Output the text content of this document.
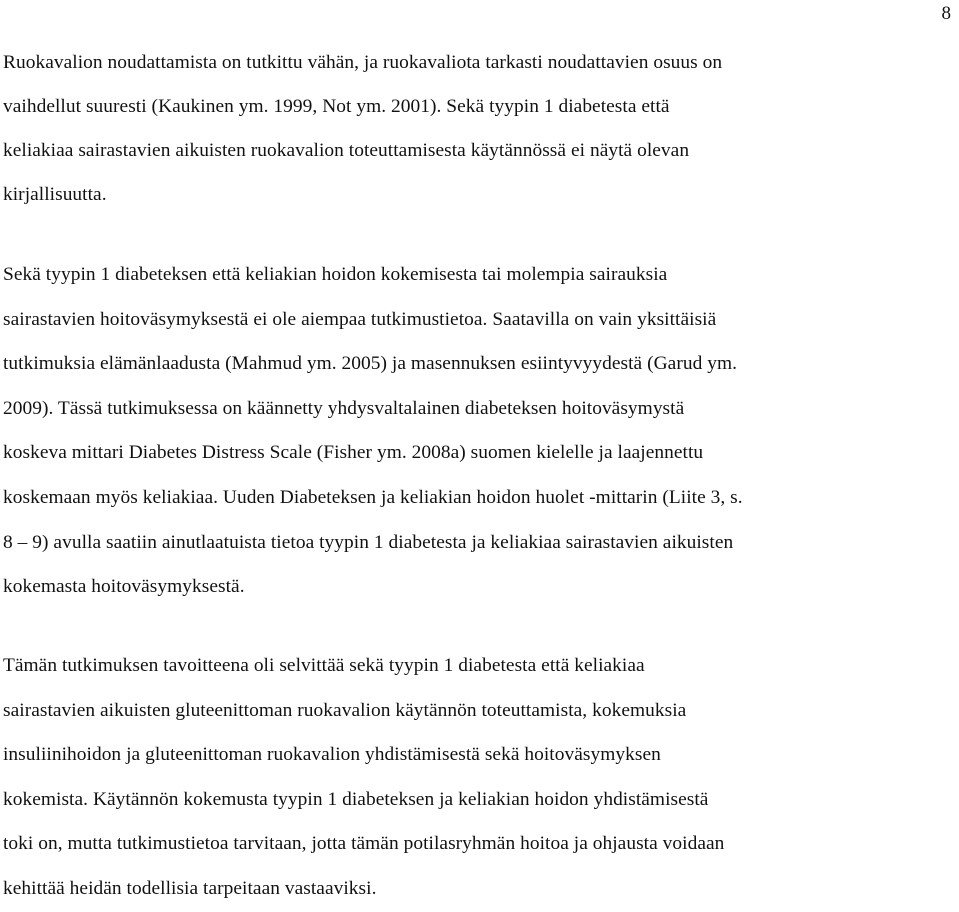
8

Ruokavalion noudattamista on tutkittu vähän, ja ruokavaliota tarkasti noudattavien osuus on
vaihdellut suuresti (Kaukinen ym. 1999, Not ym. 2001). Sekä tyypin 1 diabetesta että
keliakiaa sairastavien aikuisten ruokavalion toteuttamisesta käytännössä ei näytä olevan
kirjallisuutta.

Sekä tyypin 1 diabeteksen että keliakian hoidon kokemisesta tai molempia sairauksia
sairastavien hoitoväsymyksestä ei ole aiempaa tutkimustietoa. Saatavilla on vain yksittäisiä
tutkimuksia elämänlaadusta (Mahmud ym. 2005) ja masennuksen esiintyvyydestä (Garud ym.
2009). Tässä tutkimuksessa on käännetty yhdysvaltalainen diabeteksen hoitoväsymystä
koskeva mittari Diabetes Distress Scale (Fisher ym. 2008a) suomen kielelle ja laajennettu
koskemaan myös keliakiaa. Uuden Diabeteksen ja keliakian hoidon huolet -mittarin (Liite 3, s.
8 – 9) avulla saatiin ainutlaatuista tietoa tyypin 1 diabetesta ja keliakiaa sairastavien aikuisten
kokemasta hoitoväsymyksestä.

Tämän tutkimuksen tavoitteena oli selvittää sekä tyypin 1 diabetesta että keliakiaa
sairastavien aikuisten gluteenittoman ruokavalion käytännön toteuttamista, kokemuksia
insuliinihoidon ja gluteenittoman ruokavalion yhdistämisestä sekä hoitoväsymyksen
kokemista. Käytännön kokemusta tyypin 1 diabeteksen ja keliakian hoidon yhdistämisestä
toki on, mutta tutkimustietoa tarvitaan, jotta tämän potilasryhmän hoitoa ja ohjausta voidaan
kehittää heidän todellisia tarpeitaan vastaaviksi.
